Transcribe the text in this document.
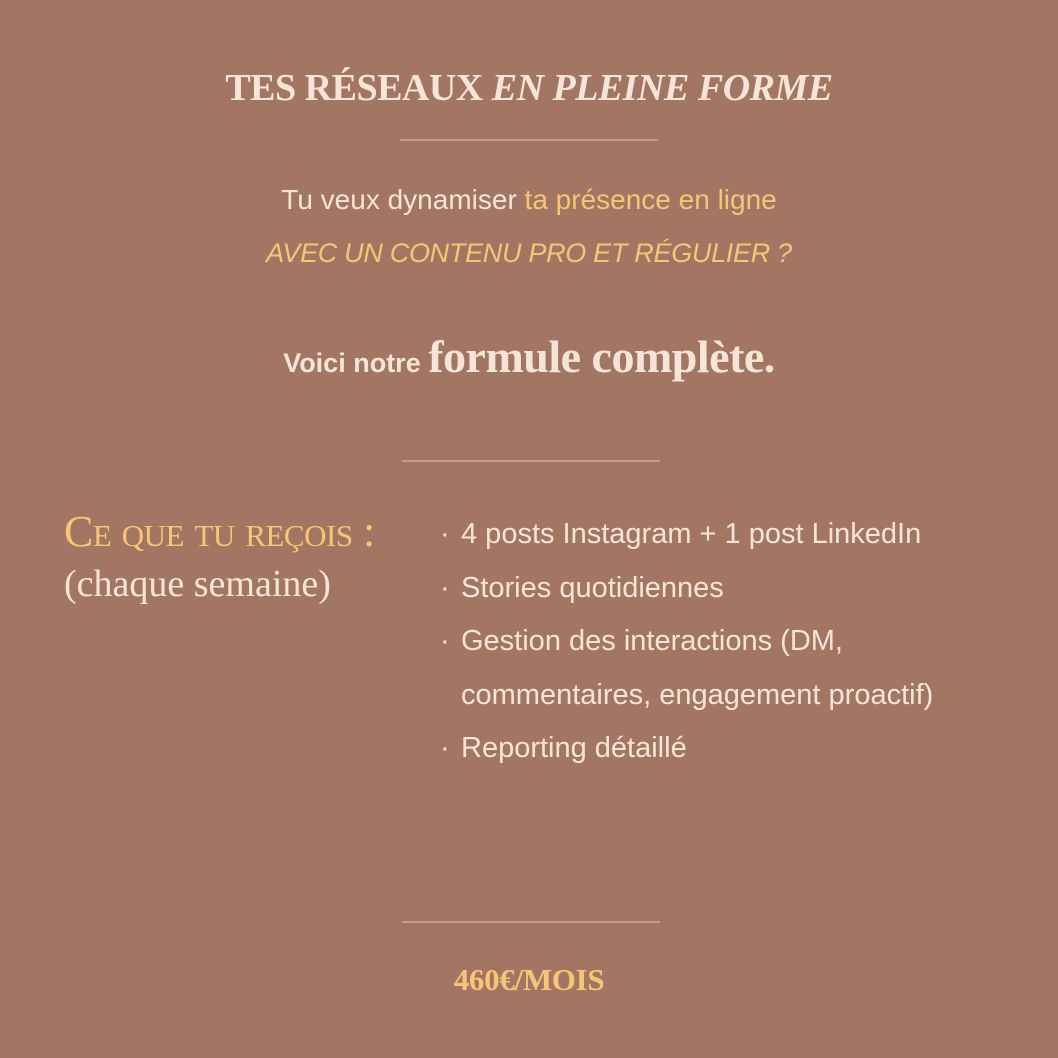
TES RÉSEAUX EN PLEINE FORME
Tu veux dynamiser ta présence en ligne
AVEC UN CONTENU PRO ET RÉGULIER ?
Voici notre formule complète.
Ce que tu reçois :
(chaque semaine)
· 4 posts Instagram + 1 post LinkedIn
· Stories quotidiennes
· Gestion des interactions (DM, commentaires, engagement proactif)
· Reporting détaillé
460€/MOIS
